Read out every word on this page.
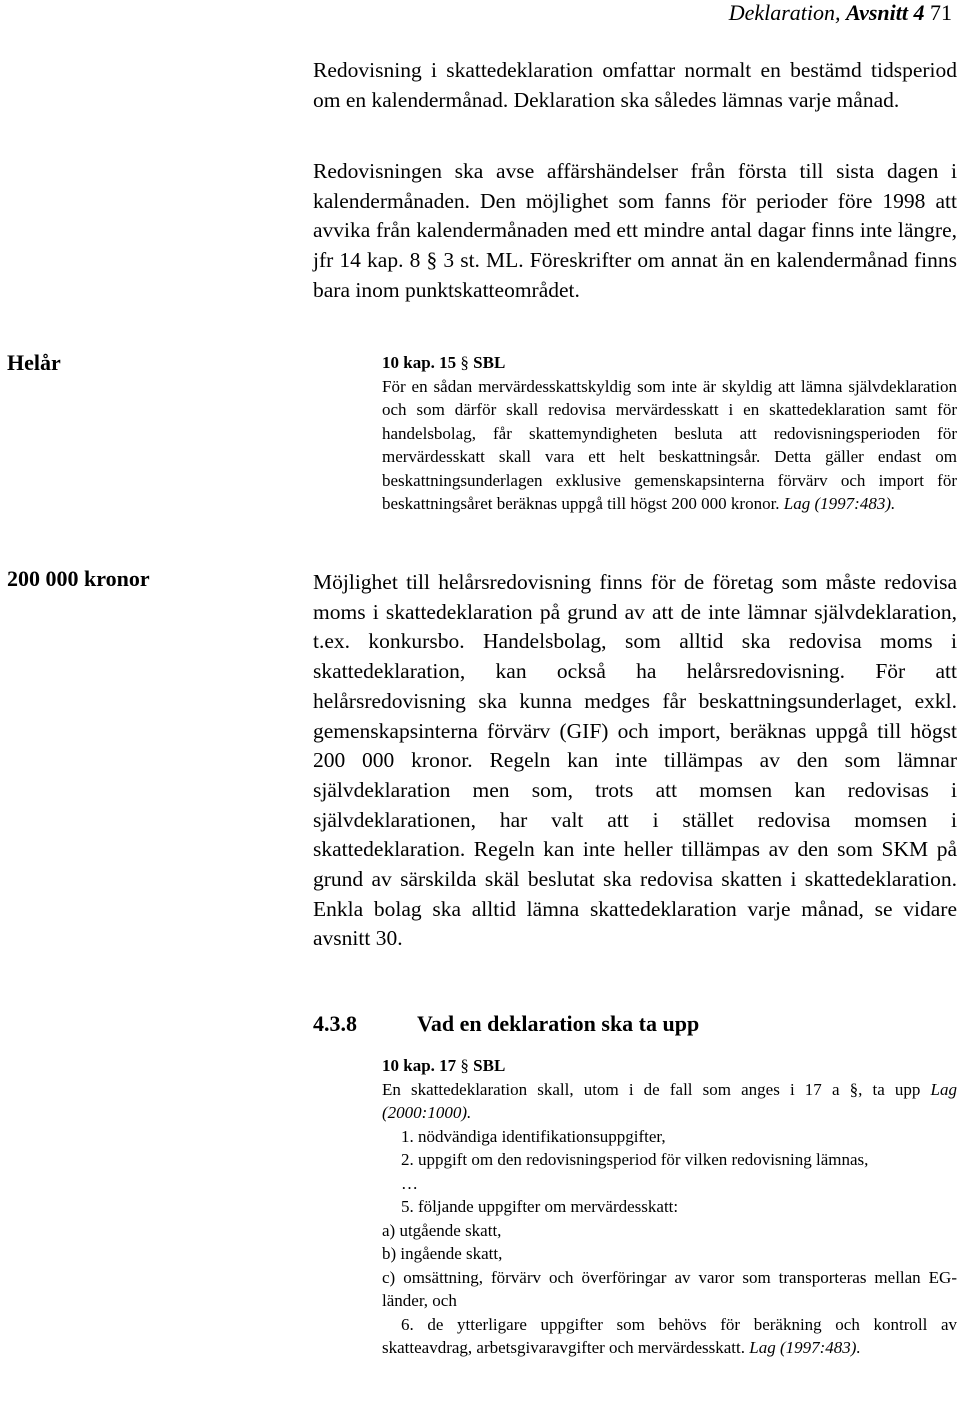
Deklaration, Avsnitt 4 71

Redovisning i skattedeklaration omfattar normalt en bestämd tidsperiod om en kalendermånad. Deklaration ska således lämnas varje månad.

Redovisningen ska avse affärshändelser från första till sista dagen i kalendermånaden. Den möjlighet som fanns för perioder före 1998 att avvika från kalendermånaden med ett mindre antal dagar finns inte längre, jfr 14 kap. 8 § 3 st. ML. Föreskrifter om annat än en kalendermånad finns bara inom punktskatteområdet.

Helår	10 kap. 15 § SBL

För en sådan mervärdesskattskyldig som inte är skyldig att lämna självdeklaration och som därför skall redovisa mervärdesskatt i en skattedeklaration samt för handelsbolag, får skattemyndigheten besluta att redovisningsperioden för mervärdesskatt skall vara ett helt beskattningsår. Detta gäller endast om beskattningsunderlagen exklusive gemenskapsinterna förvärv och import för beskattningsåret beräknas uppgå till högst 200 000 kronor. Lag (1997:483).

200 000 kronor	Möjlighet till helårsredovisning finns för de företag som måste redovisa moms i skattedeklaration på grund av att de inte lämnar självdeklaration, t.ex. konkursbo. Handelsbolag, som alltid ska redovisa moms i skattedeklaration, kan också ha helårsredovisning. För att helårsredovisning ska kunna medges får beskattningsunderlaget, exkl. gemenskapsinterna förvärv (GIF) och import, beräknas uppgå till högst 200 000 kronor. Regeln kan inte tillämpas av den som lämnar självdeklaration men som, trots att momsen kan redovisas i självdeklarationen, har valt att i stället redovisa momsen i skattedeklaration. Regeln kan inte heller tillämpas av den som SKM på grund av särskilda skäl beslutat ska redovisa skatten i skattedeklaration. Enkla bolag ska alltid lämna skattedeklaration varje månad, se vidare avsnitt 30.

4.3.8	Vad en deklaration ska ta upp

10 kap. 17 § SBL

En skattedeklaration skall, utom i de fall som anges i 17 a §, ta upp Lag (2000:1000).

1. nödvändiga identifikationsuppgifter,

2. uppgift om den redovisningsperiod för vilken redovisning lämnas,

…

5. följande uppgifter om mervärdesskatt:

a) utgående skatt,

b) ingående skatt,

c) omsättning, förvärv och överföringar av varor som transporteras mellan EG-länder, och

6. de ytterligare uppgifter som behövs för beräkning och kontroll av skatteavdrag, arbetsgivaravgifter och mervärdesskatt. Lag (1997:483).
